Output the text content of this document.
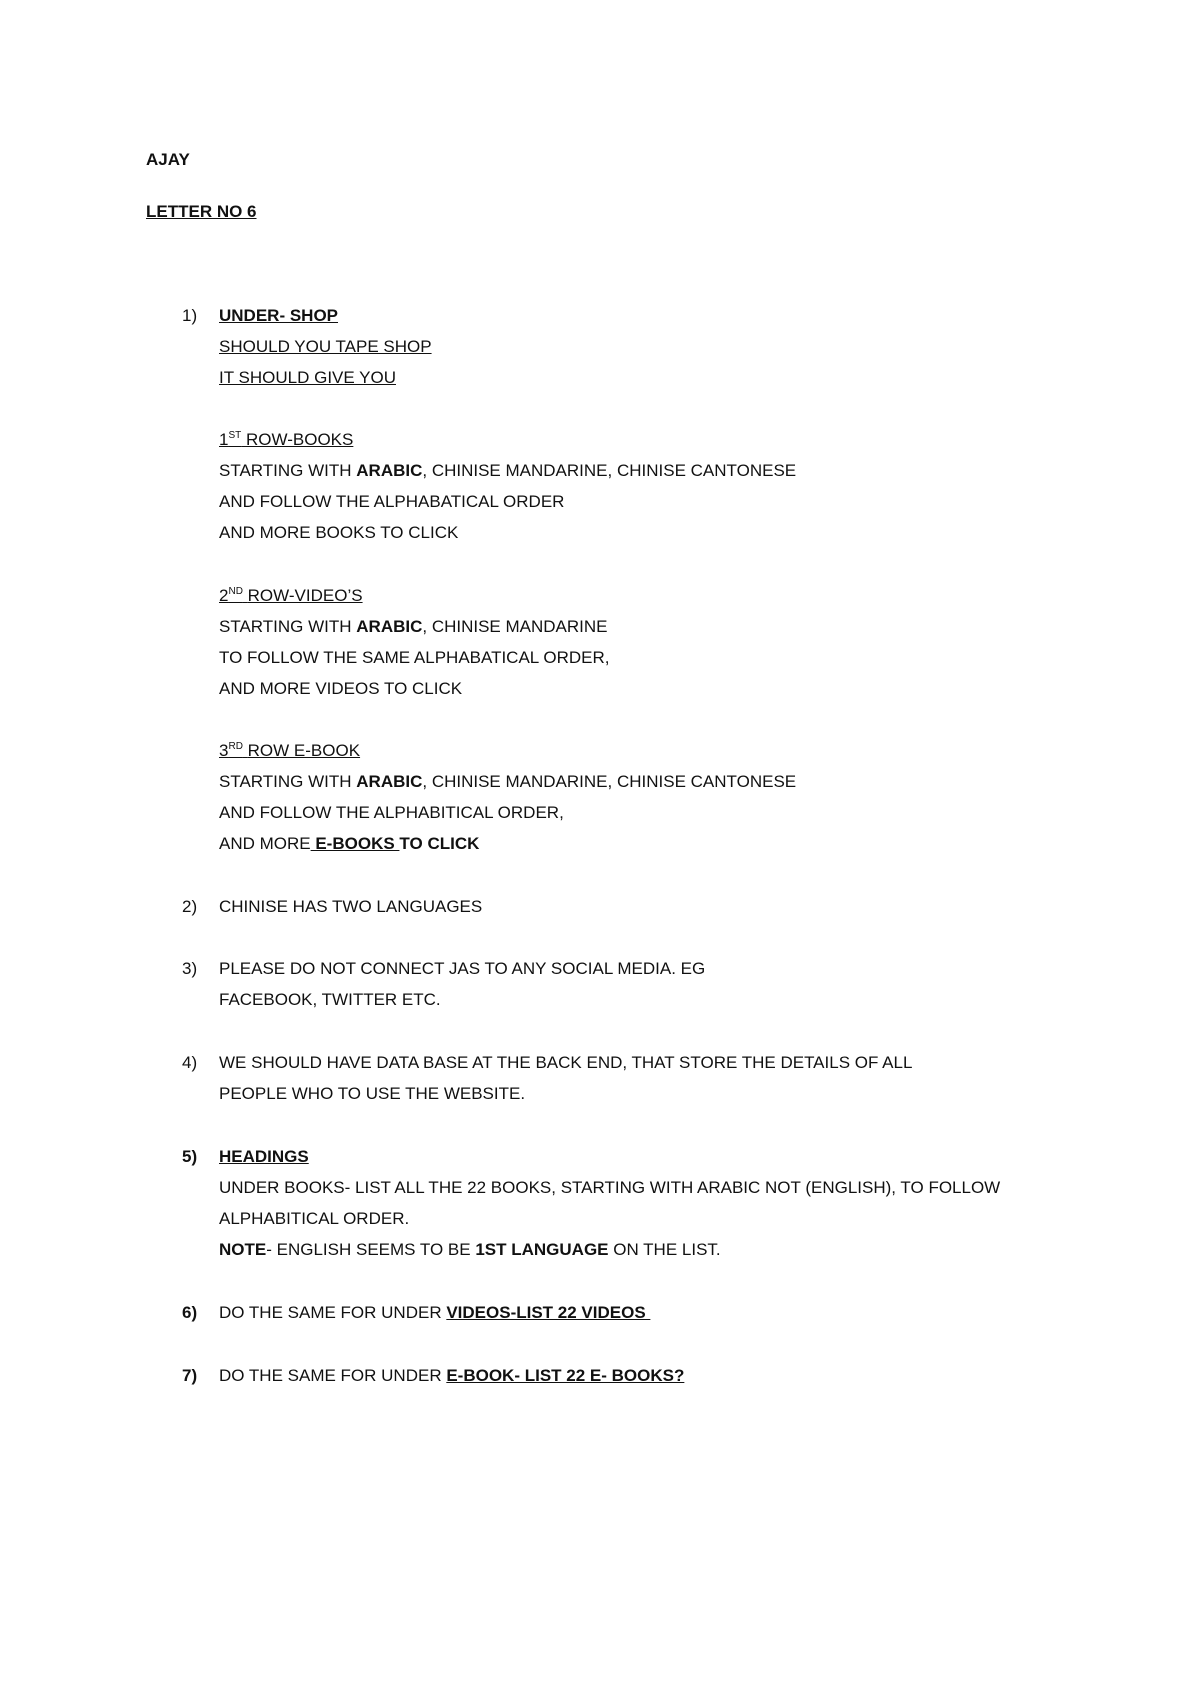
AJAY
LETTER NO 6
1)	UNDER- SHOP
SHOULD YOU TAPE SHOP
IT SHOULD GIVE YOU
1ST ROW-BOOKS
STARTING WITH ARABIC, CHINISE MANDARINE, CHINISE CANTONESE
AND FOLLOW THE ALPHABATICAL ORDER
AND MORE BOOKS TO CLICK
2ND ROW-VIDEO’S
STARTING WITH ARABIC, CHINISE MANDARINE
TO FOLLOW THE SAME ALPHABATICAL ORDER,
AND MORE VIDEOS TO CLICK
3RD ROW E-BOOK
STARTING WITH ARABIC, CHINISE MANDARINE, CHINISE CANTONESE
AND FOLLOW THE ALPHABITICAL ORDER,
AND MORE E-BOOKS TO CLICK
2)	CHINISE HAS TWO LANGUAGES
3)	PLEASE DO NOT CONNECT JAS TO ANY SOCIAL MEDIA. EG
FACEBOOK, TWITTER ETC.
4)	WE SHOULD HAVE DATA BASE AT THE BACK END, THAT STORE THE DETAILS OF ALL
PEOPLE WHO TO USE THE WEBSITE.
5)	HEADINGS
UNDER BOOKS- LIST ALL THE 22 BOOKS, STARTING WITH ARABIC NOT (ENGLISH), TO FOLLOW
ALPHABITICAL ORDER.
NOTE- ENGLISH SEEMS TO BE 1ST LANGUAGE ON THE LIST.
6)	DO THE SAME FOR UNDER VIDEOS-LIST 22 VIDEOS
7)	DO THE SAME FOR UNDER E-BOOK- LIST 22 E- BOOKS?
